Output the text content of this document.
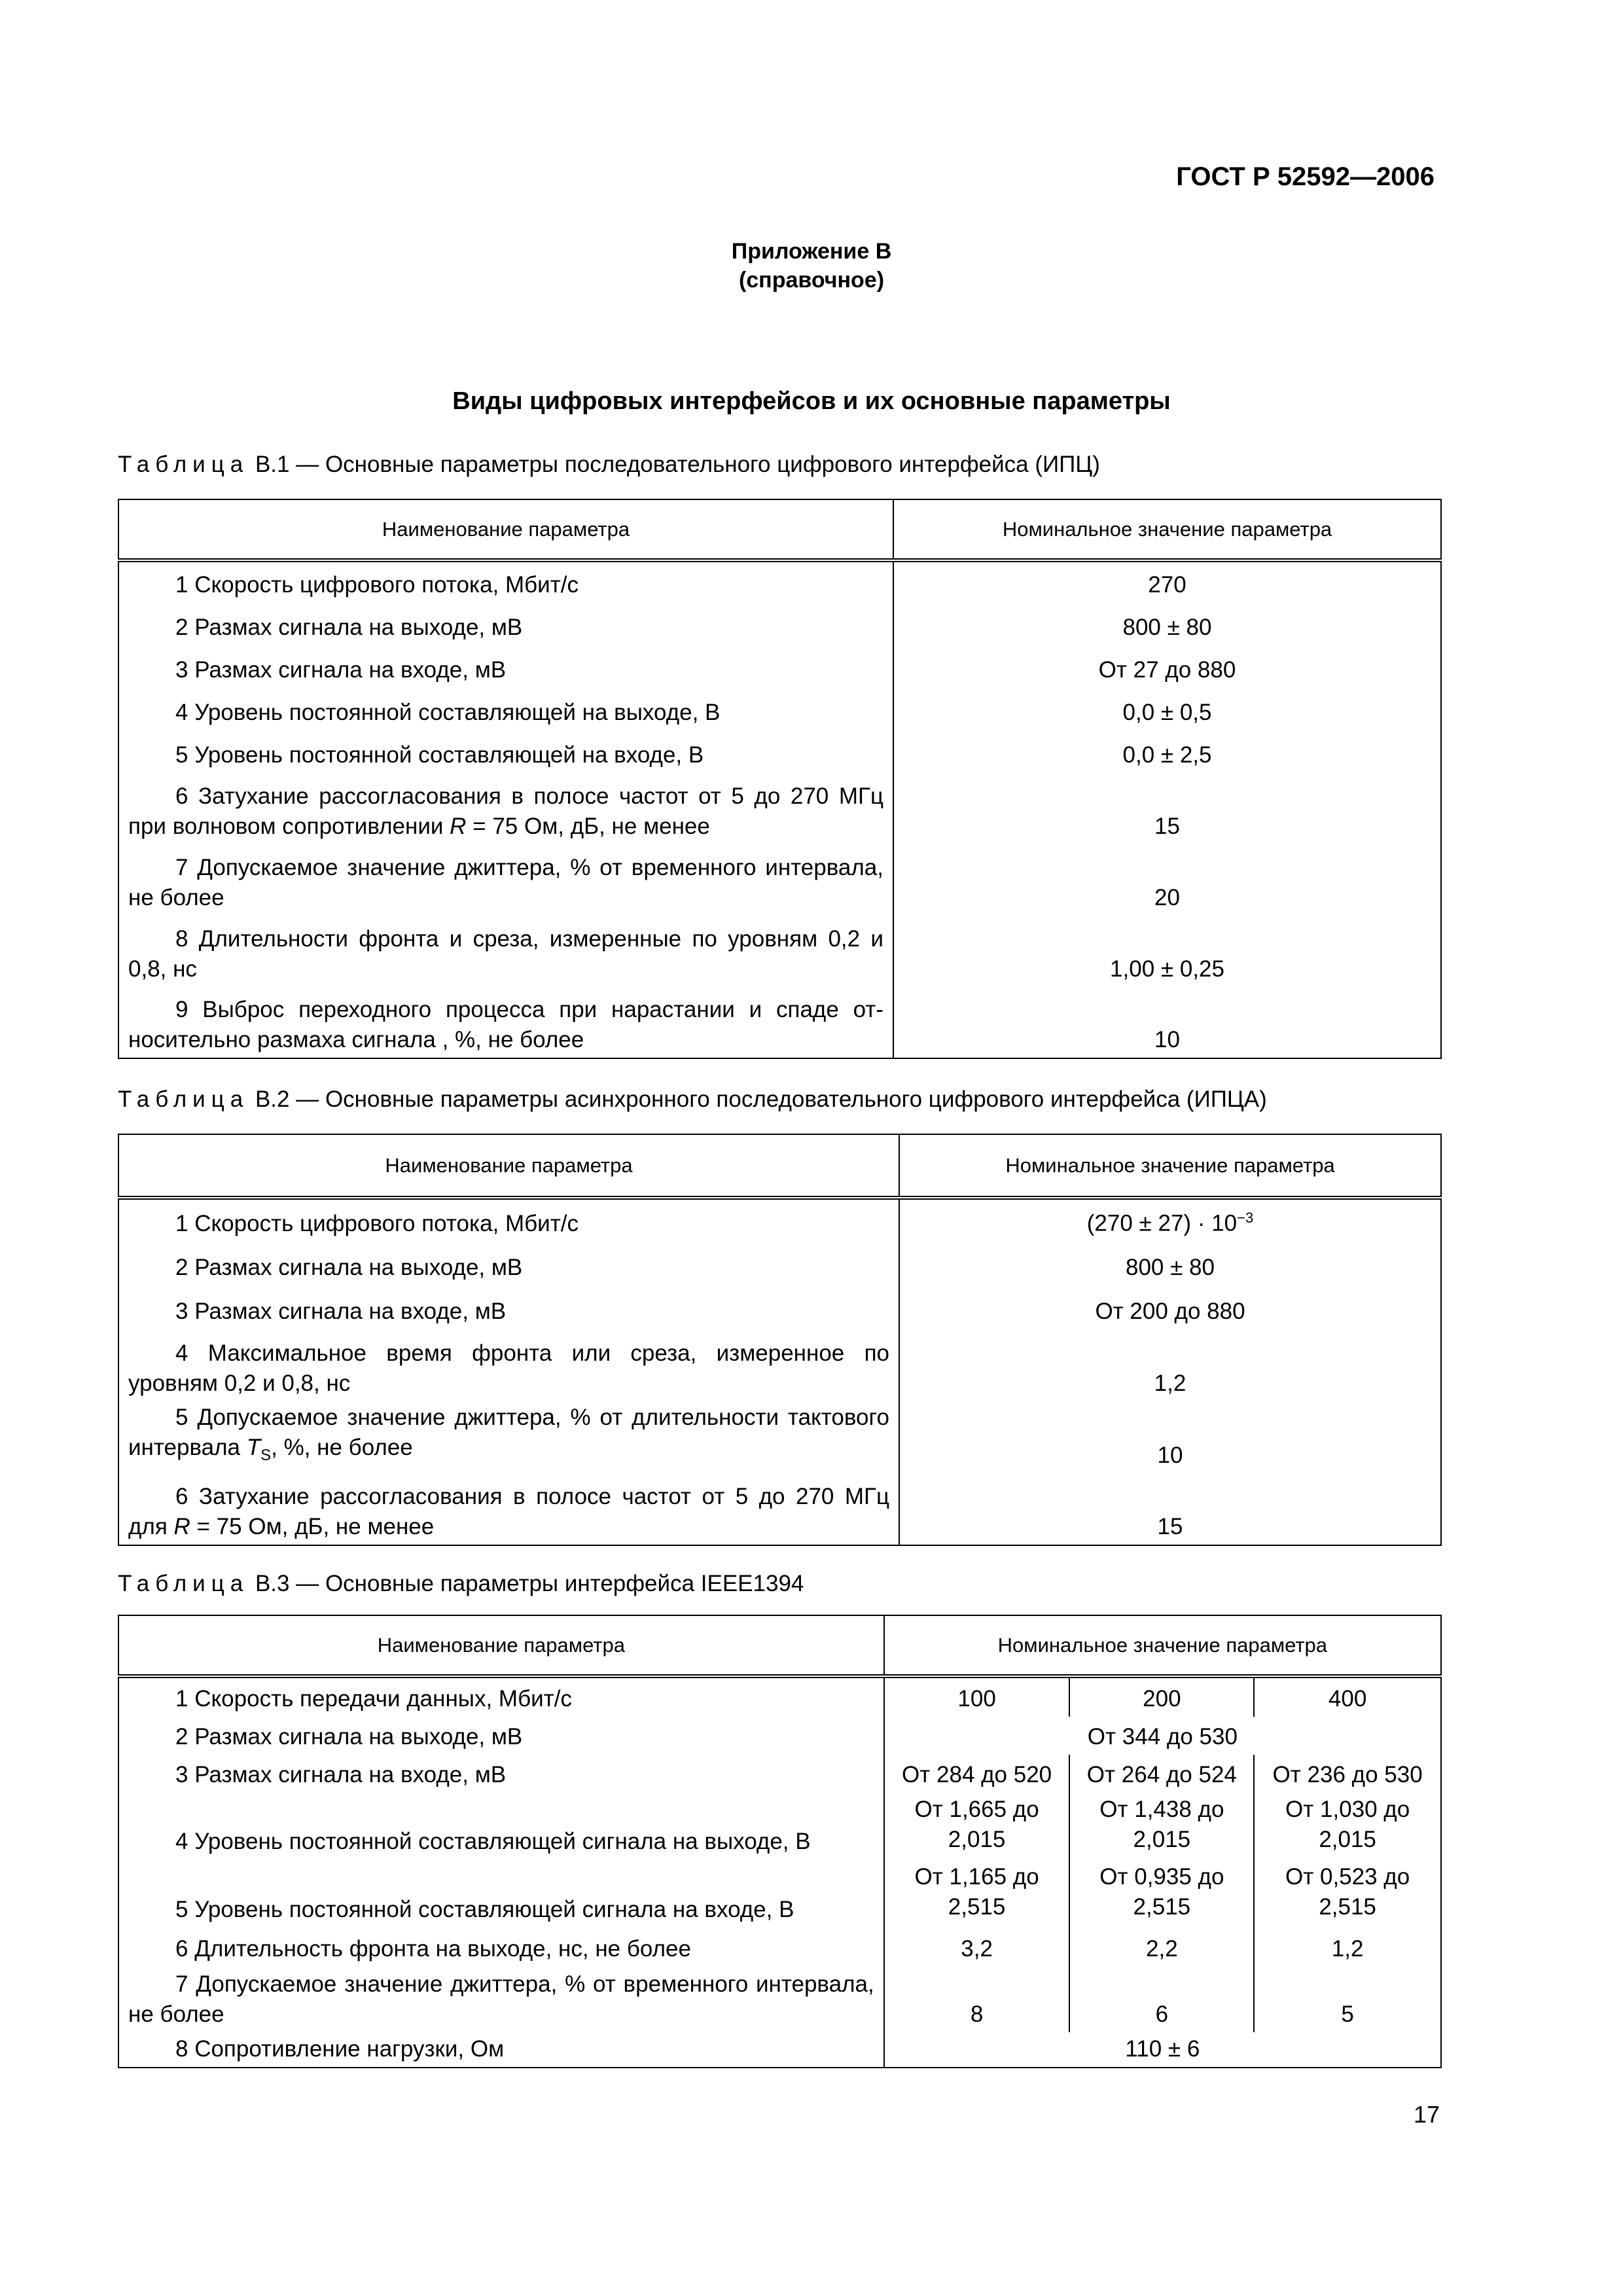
ГОСТ Р 52592—2006
Приложение В
(справочное)
Виды цифровых интерфейсов и их основные параметры
Таблица В.1 — Основные параметры последовательного цифрового интерфейса (ИПЦ)
Наименование параметра	Номинальное значение параметра
1 Скорость цифрового потока, Мбит/с	270
2 Размах сигнала на выходе, мВ	800 ± 80
3 Размах сигнала на входе, мВ	От 27 до 880
4 Уровень постоянной составляющей на выходе, В	0,0 ± 0,5
5 Уровень постоянной составляющей на входе, В	0,0 ± 2,5
6 Затухание рассогласования в полосе частот от 5 до 270 МГц при волновом сопротивлении R = 75 Ом, дБ, не менее	15
7 Допускаемое значение джиттера, % от временного интервала, не более	20
8 Длительности фронта и среза, измеренные по уровням 0,2 и 0,8, нс	1,00 ± 0,25
9 Выброс переходного процесса при нарастании и спаде относительно размаха сигнала , %, не более	10
Таблица В.2 — Основные параметры асинхронного последовательного цифрового интерфейса (ИПЦА)
Наименование параметра	Номинальное значение параметра
1 Скорость цифрового потока, Мбит/с	$(270 \pm 27) \cdot 10^{-3}$
2 Размах сигнала на выходе, мВ	800 ± 80
3 Размах сигнала на входе, мВ	От 200 до 880
4 Максимальное время фронта или среза, измеренное по уровням 0,2 и 0,8, нс	1,2
5 Допускаемое значение джиттера, % от длительности тактового интервала $T_S$, %, не более	10
6 Затухание рассогласования в полосе частот от 5 до 270 МГц для R = 75 Ом, дБ, не менее	15
Таблица В.3 — Основные параметры интерфейса IEEE1394
Наименование параметра	Номинальное значение параметра		
1 Скорость передачи данных, Мбит/с	100	200	400
2 Размах сигнала на выходе, мВ	От 344 до 530		
3 Размах сигнала на входе, мВ	От 284 до 520	От 264 до 524	От 236 до 530
4 Уровень постоянной составляющей сигнала на выходе, В	От 1,665 до 2,015	От 1,438 до 2,015	От 1,030 до 2,015
5 Уровень постоянной составляющей сигнала на входе, В	От 1,165 до 2,515	От 0,935 до 2,515	От 0,523 до 2,515
6 Длительность фронта на выходе, нс, не более	3,2	2,2	1,2
7 Допускаемое значение джиттера, % от временного интервала, не более	8	6	5
8 Сопротивление нагрузки, Ом	110 ± 6		
17
